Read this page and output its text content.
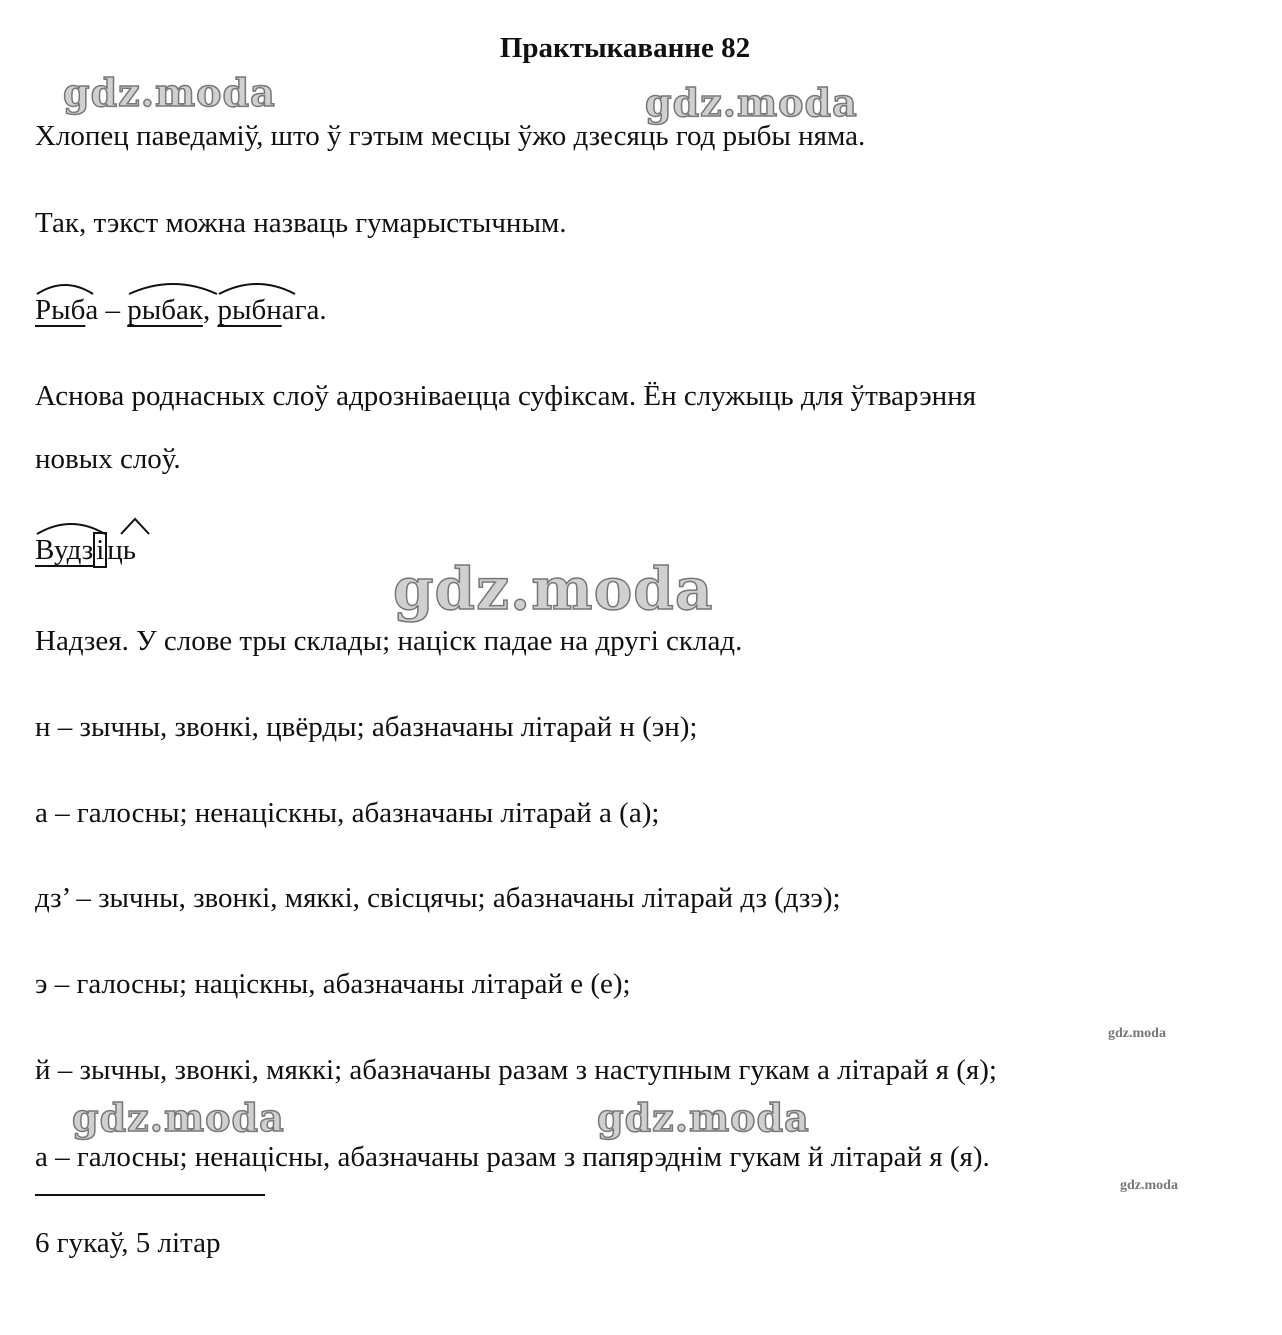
Практыкаванне 82

gdz.moda	gdz.moda
gdz.moda
gdz.moda	gdz.moda
gdz.moda
gdz.moda

Хлопец паведаміў, што ў гэтым месцы ўжо дзесяць год рыбы няма.

Так, тэкст можна назваць гумарыстычным.

Рыба –
рыбак,
рыбнага.

Аснова роднасных слоў адрозніваецца суфіксам. Ён служыць для ўтварэння

новых слоў.

Вудз і ць

Надзея. У слове тры склады; націск падае на другі склад.

н – зычны, звонкі, цвёрды; абазначаны літарай н (эн);

а – галосны; ненаціскны, абазначаны літарай а (а);

дз’ – зычны, звонкі, мяккі, свісцячы; абазначаны літарай дз (дзэ);

э – галосны; націскны, абазначаны літарай е (е);

й – зычны, звонкі, мяккі; абазначаны разам з наступным гукам а літарай я (я);

а – галосны; ненацісны, абазначаны разам з папярэднім гукам й літарай я (я).

6 гукаў, 5 літар
